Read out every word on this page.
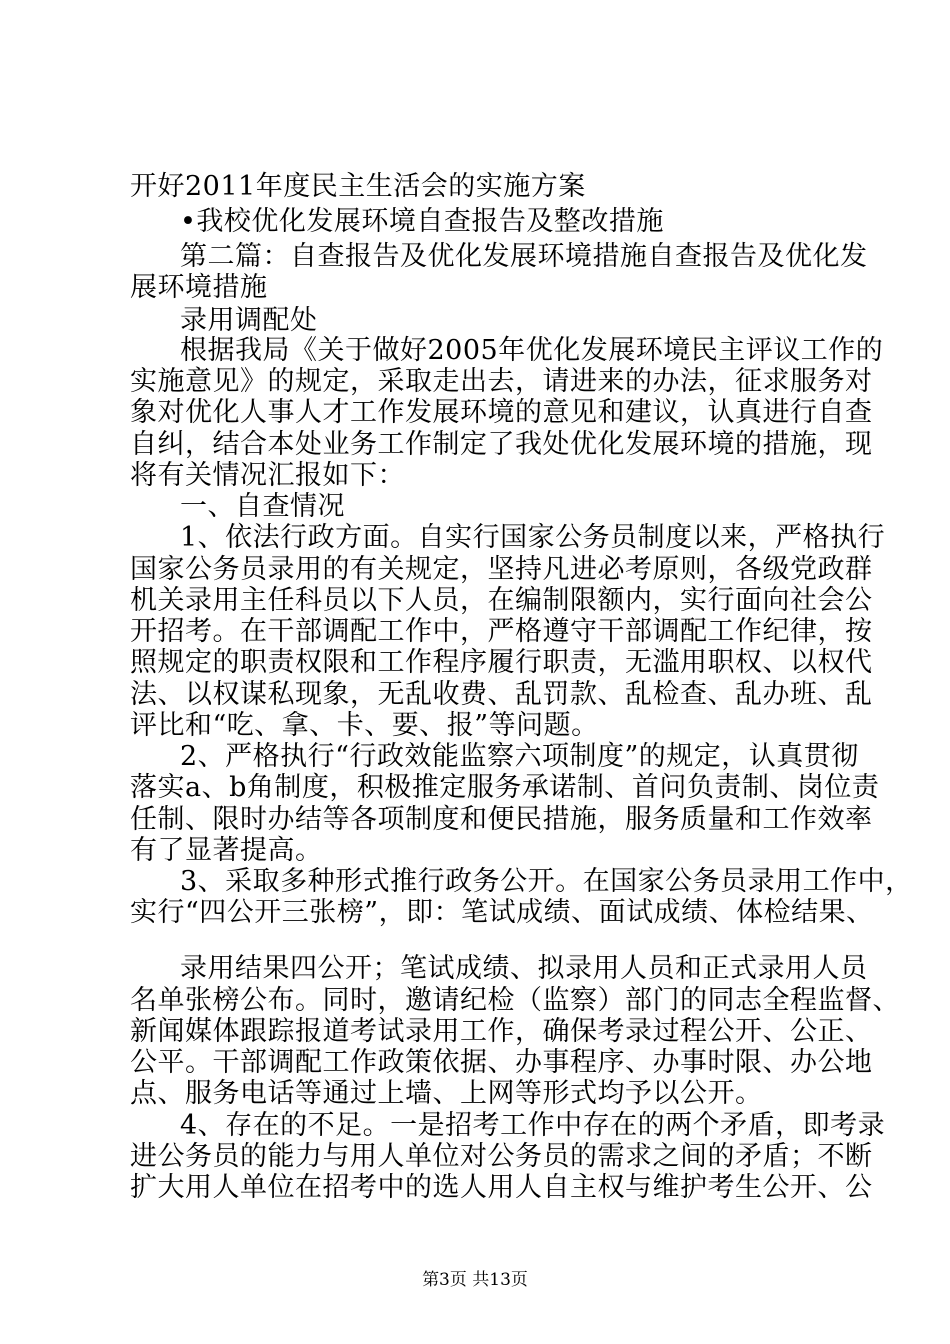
开好2011年度民主生活会的实施方案
•我校优化发展环境自查报告及整改措施
第二篇：自查报告及优化发展环境措施自查报告及优化发
展环境措施
录用调配处
根据我局《关于做好2005年优化发展环境民主评议工作的
实施意见》的规定，采取走出去，请进来的办法，征求服务对
象对优化人事人才工作发展环境的意见和建议，认真进行自查
自纠，结合本处业务工作制定了我处优化发展环境的措施，现
将有关情况汇报如下：
一、自查情况
1、依法行政方面。自实行国家公务员制度以来，严格执行
国家公务员录用的有关规定，坚持凡进必考原则，各级党政群
机关录用主任科员以下人员，在编制限额内，实行面向社会公
开招考。在干部调配工作中，严格遵守干部调配工作纪律，按
照规定的职责权限和工作程序履行职责，无滥用职权、以权代
法、以权谋私现象，无乱收费、乱罚款、乱检查、乱办班、乱
评比和“吃、拿、卡、要、报”等问题。
2、严格执行“行政效能监察六项制度”的规定，认真贯彻
落实a、b角制度，积极推定服务承诺制、首问负责制、岗位责
任制、限时办结等各项制度和便民措施，服务质量和工作效率
有了显著提高。
3、采取多种形式推行政务公开。在国家公务员录用工作中，
实行“四公开三张榜”，即：笔试成绩、面试成绩、体检结果、
录用结果四公开；笔试成绩、拟录用人员和正式录用人员
名单张榜公布。同时，邀请纪检（监察）部门的同志全程监督、
新闻媒体跟踪报道考试录用工作，确保考录过程公开、公正、
公平。干部调配工作政策依据、办事程序、办事时限、办公地
点、服务电话等通过上墙、上网等形式均予以公开。
4、存在的不足。一是招考工作中存在的两个矛盾，即考录
进公务员的能力与用人单位对公务员的需求之间的矛盾；不断
扩大用人单位在招考中的选人用人自主权与维护考生公开、公
第3页 共13页
